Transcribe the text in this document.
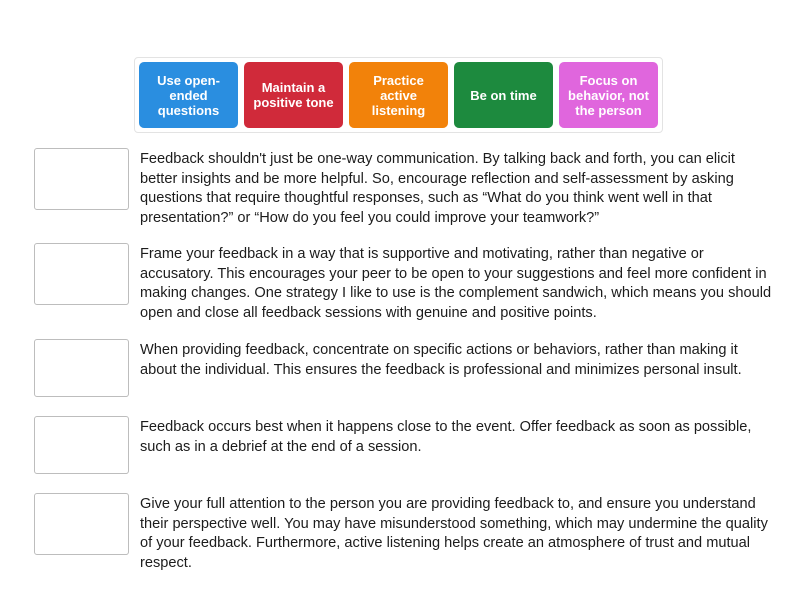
Use open-ended questions
Maintain a positive tone
Practice active listening
Be on time
Focus on behavior, not the person
Feedback shouldn't just be one-way communication. By talking back and forth, you can elicit better insights and be more helpful. So, encourage reflection and self-assessment by asking questions that require thoughtful responses, such as “What do you think went well in that presentation?” or “How do you feel you could improve your teamwork?”
Frame your feedback in a way that is supportive and motivating, rather than negative or accusatory. This encourages your peer to be open to your suggestions and feel more confident in making changes. One strategy I like to use is the complement sandwich, which means you should open and close all feedback sessions with genuine and positive points.
When providing feedback, concentrate on specific actions or behaviors, rather than making it about the individual. This ensures the feedback is professional and minimizes personal insult.
Feedback occurs best when it happens close to the event. Offer feedback as soon as possible, such as in a debrief at the end of a session.
Give your full attention to the person you are providing feedback to, and ensure you understand their perspective well. You may have misunderstood something, which may undermine the quality of your feedback. Furthermore, active listening helps create an atmosphere of trust and mutual respect.
